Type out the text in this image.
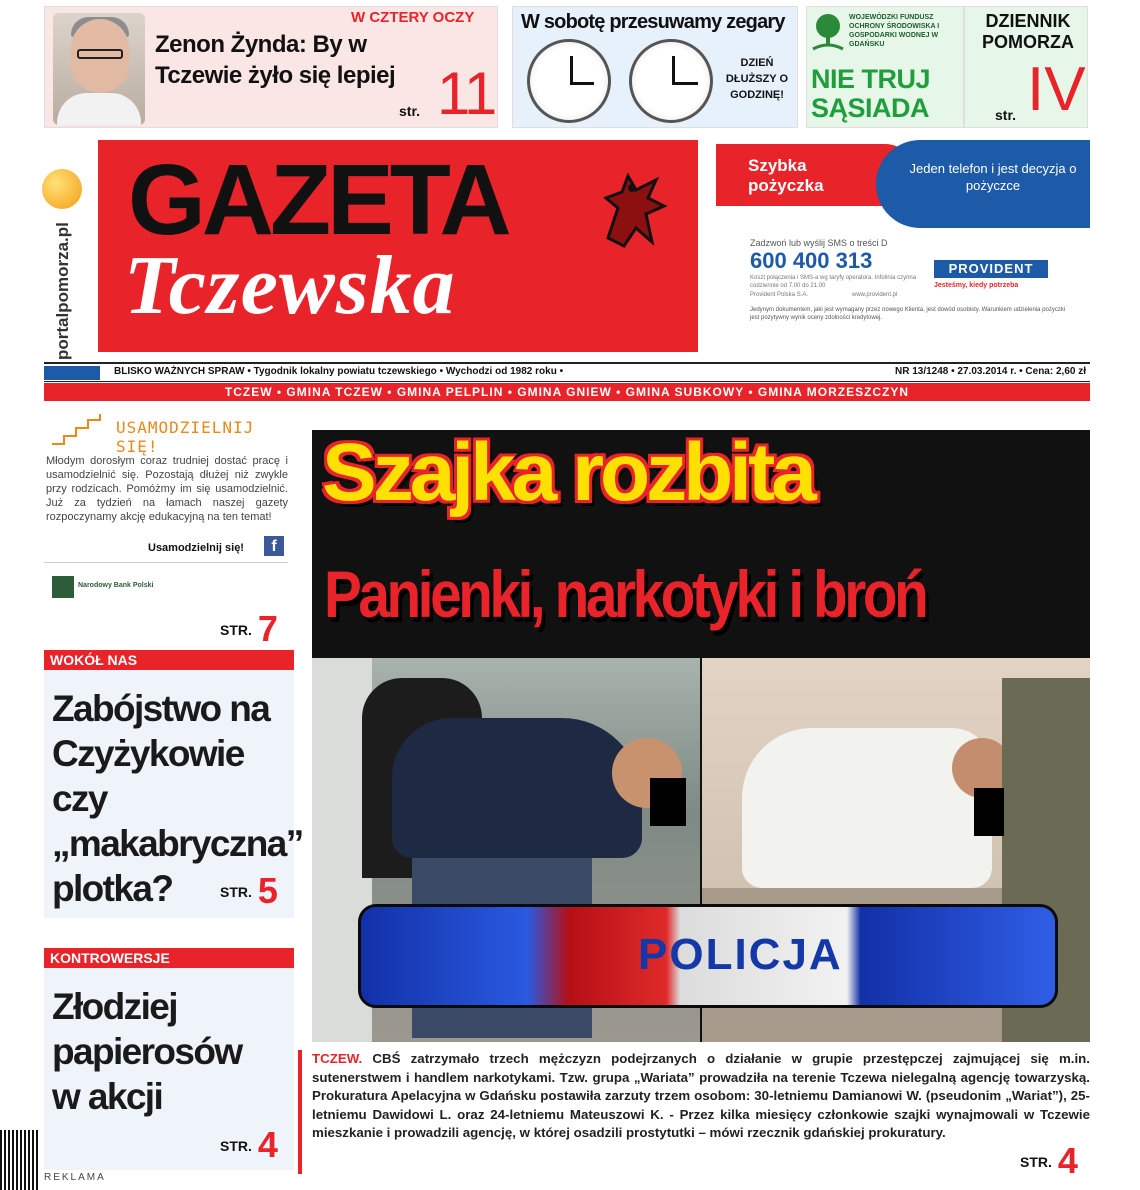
W CZTERY OCZY
Zenon Żynda: By w Tczewie żyło się lepiej
str. 11
W sobotę przesuwamy zegary
DZIEŃ DŁUŻSZY O GODZINĘ!
WOJEWÓDZKI FUNDUSZ OCHRONY ŚRODOWISKA I GOSPODARKI WODNEJ W GDAŃSKU
NIE TRUJ SĄSIADA
DZIENNIK POMORZA
str. IV
portalpomorza.pl
GAZETA
Tczewska
Szybka pożyczka
Jeden telefon i jest decyzja o pożyczce
Zadzwoń lub wyślij SMS o treści D
600 400 313
Koszt połączenia i SMS-a wg taryfy operatora. Infolinia czynna codziennie od 7.00 do 21.00
Provident Polska S.A.	www.provident.pl
PROVIDENT
Jesteśmy, kiedy potrzeba
Jedynym dokumentem, jaki jest wymagany przez nowego Klienta, jest dowód osobisty. Warunkiem udzielenia pożyczki jest pozytywny wynik oceny zdolności kredytowej.
BLISKO WAŻNYCH SPRAW • Tygodnik lokalny powiatu tczewskiego • Wychodzi od 1982 roku •	NR 13/1248 • 27.03.2014 r. • Cena: 2,60 zł
TCZEW • GMINA TCZEW • GMINA PELPLIN • GMINA GNIEW • GMINA SUBKOWY • GMINA MORZESZCZYN
USAMODZIELNIJ SIĘ!
Młodym dorosłym coraz trudniej dostać pracę i usamodzielnić się. Pozostają dłużej niż zwykle przy rodzicach. Pomóżmy im się usamodzielnić. Już za tydzień na łamach naszej gazety rozpoczynamy akcję edukacyjną na ten temat!
Usamodzielnij się!	f
Narodowy Bank Polski
STR. 7
WOKÓŁ NAS
Zabójstwo na Czyżykowie czy „makabryczna” plotka?	STR. 5
KONTROWERSJE
Złodziej papierosów w akcji
STR. 4
REKLAMA
POLICJA
Szajka rozbita
Panienki, narkotyki i broń
TCZEW. CBŚ zatrzymało trzech mężczyzn podejrzanych o działanie w grupie przestępczej zajmującej się m.in. sutenerstwem i handlem narkotykami. Tzw. grupa „Wariata” prowadziła na terenie Tczewa nielegalną agencję towarzyską. Prokuratura Apelacyjna w Gdańsku postawiła zarzuty trzem osobom: 30-letniemu Damianowi W. (pseudonim „Wariat”), 25-letniemu Dawidowi L. oraz 24-letniemu Mateuszowi K. - Przez kilka miesięcy członkowie szajki wynajmowali w Tczewie mieszkanie i prowadzili agencję, w której osadzili prostytutki – mówi rzecznik gdańskiej prokuratury.
STR. 4
